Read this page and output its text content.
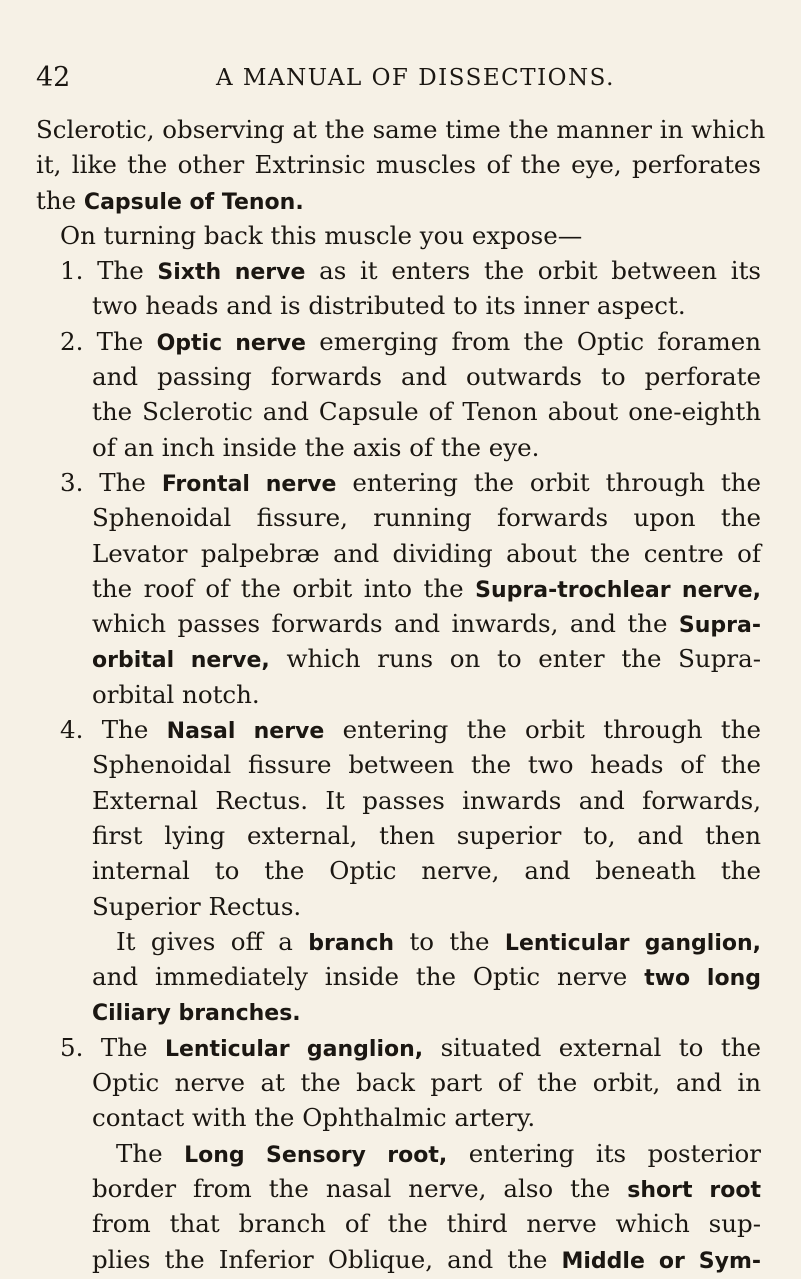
42	A MANUAL OF DISSECTIONS.
Sclerotic, observing at the same time the manner in which
it, like the other Extrinsic muscles of the eye, perforates
the Capsule of Tenon.
On turning back this muscle you expose—
1. The Sixth nerve as it enters the orbit between its
two heads and is distributed to its inner aspect.
2. The Optic nerve emerging from the Optic foramen
and passing forwards and outwards to perforate
the Sclerotic and Capsule of Tenon about one-eighth
of an inch inside the axis of the eye.
3. The Frontal nerve entering the orbit through the
Sphenoidal fissure, running forwards upon the
Levator palpebræ and dividing about the centre of
the roof of the orbit into the Supra-trochlear nerve,
which passes forwards and inwards, and the Supra-
orbital nerve, which runs on to enter the Supra-
orbital notch.
4. The Nasal nerve entering the orbit through the
Sphenoidal fissure between the two heads of the
External Rectus. It passes inwards and forwards,
first lying external, then superior to, and then
internal to the Optic nerve, and beneath the
Superior Rectus.
It gives off a branch to the Lenticular ganglion,
and immediately inside the Optic nerve two long
Ciliary branches.
5. The Lenticular ganglion, situated external to the
Optic nerve at the back part of the orbit, and in
contact with the Ophthalmic artery.
The Long Sensory root, entering its posterior
border from the nasal nerve, also the short root
from that branch of the third nerve which sup-
plies the Inferior Oblique, and the Middle or Sym-
